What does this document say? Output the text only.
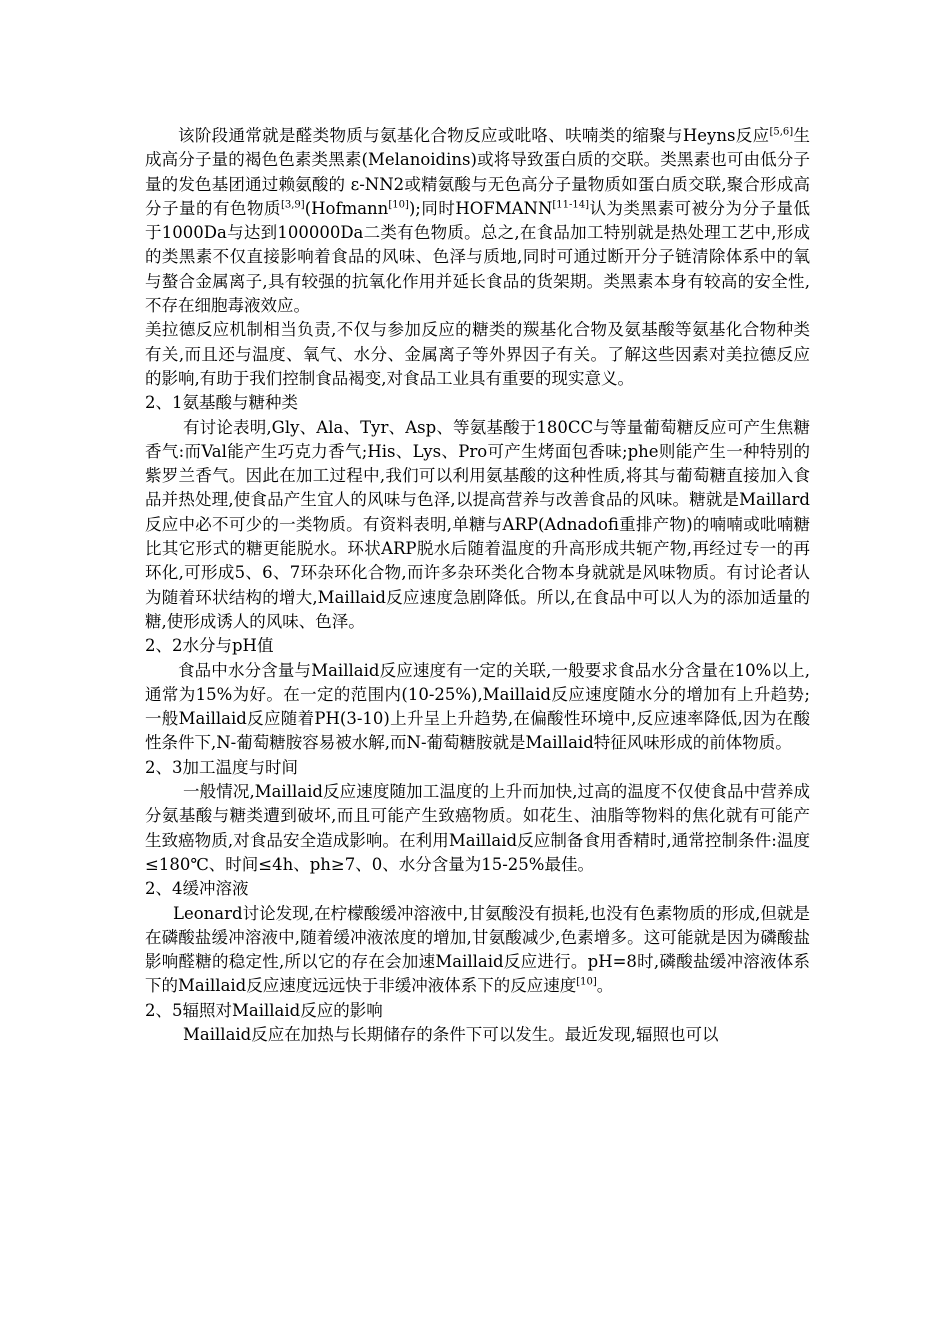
该阶段通常就是醛类物质与氨基化合物反应或吡咯、呋喃类的缩聚与Heyns反应[5,6]生成高分子量的褐色色素类黑素(Melanoidins)或将导致蛋白质的交联。类黑素也可由低分子量的发色基团通过赖氨酸的 ε-NN2或精氨酸与无色高分子量物质如蛋白质交联,聚合形成高分子量的有色物质[3,9](Hofmann[10]);同时HOFMANN[11-14]认为类黑素可被分为分子量低于1000Da与达到100000Da二类有色物质。总之,在食品加工特别就是热处理工艺中,形成的类黑素不仅直接影响着食品的风味、色泽与质地,同时可通过断开分子链清除体系中的氧与螯合金属离子,具有较强的抗氧化作用并延长食品的货架期。类黑素本身有较高的安全性,不存在细胞毒液效应。

美拉德反应机制相当负责,不仅与参加反应的糖类的羰基化合物及氨基酸等氨基化合物种类有关,而且还与温度、氧气、水分、金属离子等外界因子有关。了解这些因素对美拉德反应的影响,有助于我们控制食品褐变,对食品工业具有重要的现实意义。

2、1氨基酸与糖种类

有讨论表明,Gly、Ala、Tyr、Asp、等氨基酸于180CC与等量葡萄糖反应可产生焦糖香气:而Val能产生巧克力香气;His、Lys、Pro可产生烤面包香味;phe则能产生一种特别的紫罗兰香气。因此在加工过程中,我们可以利用氨基酸的这种性质,将其与葡萄糖直接加入食品并热处理,使食品产生宜人的风味与色泽,以提高营养与改善食品的风味。糖就是Maillard反应中必不可少的一类物质。有资料表明,单糖与ARP(Adnadofi重排产物)的喃喃或吡喃糖比其它形式的糖更能脱水。环状ARP脱水后随着温度的升高形成共轭产物,再经过专一的再环化,可形成5、6、7环杂环化合物,而许多杂环类化合物本身就就是风味物质。有讨论者认为随着环状结构的增大,Maillaid反应速度急剧降低。所以,在食品中可以人为的添加适量的糖,使形成诱人的风味、色泽。

2、2水分与pH值

食品中水分含量与Maillaid反应速度有一定的关联,一般要求食品水分含量在10%以上,通常为15%为好。在一定的范围内(10-25%),Maillaid反应速度随水分的增加有上升趋势;一般Maillaid反应随着PH(3-10)上升呈上升趋势,在偏酸性环境中,反应速率降低,因为在酸性条件下,N-葡萄糖胺容易被水解,而N-葡萄糖胺就是Maillaid特征风味形成的前体物质。

2、3加工温度与时间

一般情况,Maillaid反应速度随加工温度的上升而加快,过高的温度不仅使食品中营养成分氨基酸与糖类遭到破坏,而且可能产生致癌物质。如花生、油脂等物料的焦化就有可能产生致癌物质,对食品安全造成影响。在利用Maillaid反应制备食用香精时,通常控制条件:温度≤180℃、时间≤4h、ph≥7、0、水分含量为15-25%最佳。

2、4缓冲溶液

Leonard讨论发现,在柠檬酸缓冲溶液中,甘氨酸没有损耗,也没有色素物质的形成,但就是在磷酸盐缓冲溶液中,随着缓冲液浓度的增加,甘氨酸减少,色素增多。这可能就是因为磷酸盐影响醛糖的稳定性,所以它的存在会加速Maillaid反应进行。pH=8时,磷酸盐缓冲溶液体系下的Maillaid反应速度远远快于非缓冲液体系下的反应速度[10]。

2、5辐照对Maillaid反应的影响

Maillaid反应在加热与长期储存的条件下可以发生。最近发现,辐照也可以
